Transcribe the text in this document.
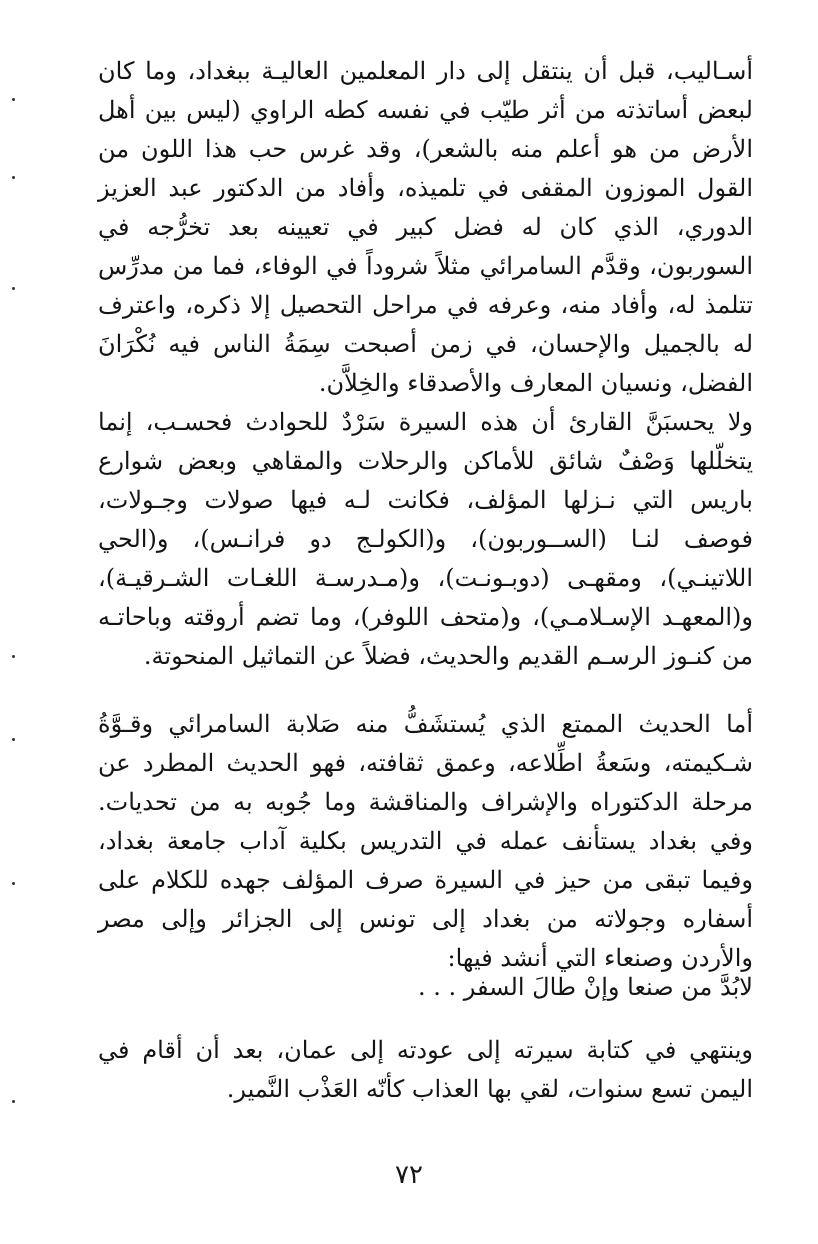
أسـاليب، قبل أن ينتقل إلى دار المعلمين العاليـة ببغداد، وما كان لبعض أساتذته من أثر طيّب في نفسه كطه الراوي (ليس بين أهل الأرض من هو أعلم منه بالشعر)، وقد غرس حب هذا اللون من القول الموزون المقفى في تلميذه، وأفاد من الدكتور عبد العزيز الدوري، الذي كان له فضل كبير في تعيينه بعد تخرُّجه في السوربون، وقدَّم السامرائي مثلاً شروداً في الوفاء، فما من مدرِّس تتلمذ له، وأفاد منه، وعرفه في مراحل التحصيل إلا ذكره، واعترف له بالجميل والإحسان، في زمن أصبحت سِمَةُ الناس فيه نُكْرَانَ الفضل، ونسيان المعارف والأصدقاء والخِلاَّن.

ولا يحسبَنَّ القارئ أن هذه السيرة سَرْدٌ للحوادث فحسـب، إنما يتخلّلها وَصْفٌ شائق للأماكن والرحلات والمقاهي وبعض شوارع باريس التي نـزلها المؤلف، فكانت لـه فيها صولات وجـولات، فوصف لنـا (الســوربون)، و(الكولـج دو فرانـس)، و(الحي اللاتينـي)، ومقهـى (دوبـونـت)، و(مـدرسـة اللغـات الشـرقيـة)، و(المعهـد الإسـلامـي)، و(متحف اللوفر)، وما تضم أروقته وباحاتـه من كنـوز الرسـم القديم والحديث، فضلاً عن التماثيل المنحوتة.

أما الحديث الممتع الذي يُستشَفُّ منه صَلابة السامرائي وقـوَّةُ شـكيمته، وسَعةُ اطِّلاعه، وعمق ثقافته، فهو الحديث المطرد عن مرحلة الدكتوراه والإشراف والمناقشة وما جُوبه به من تحديات. وفي بغداد يستأنف عمله في التدريس بكلية آداب جامعة بغداد، وفيما تبقى من حيز في السيرة صرف المؤلف جهده للكلام على أسفاره وجولاته من بغداد إلى تونس إلى الجزائر وإلى مصر والأردن وصنعاء التي أنشد فيها:

لابُدَّ من صنعا وإنْ طالَ السفر . . .

وينتهي في كتابة سيرته إلى عودته إلى عمان، بعد أن أقام في اليمن تسع سنوات، لقي بها العذاب كأنّه العَذْب النَّمير.

٧٢
